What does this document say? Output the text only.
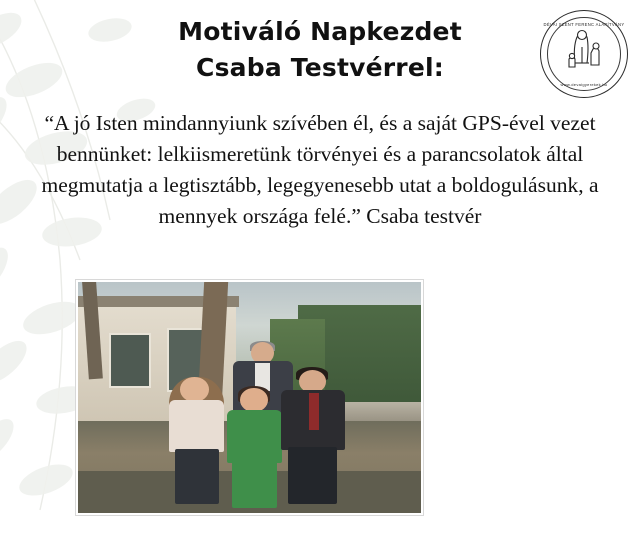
DÉVAI SZENT FERENC ALAPÍTVÁNY
www.devaigyerekek.hu
Motiváló Napkezdet
Csaba Testvérrel:
“A jó Isten mindannyiunk szívében él, és a saját GPS-ével vezet bennünket: lelkiismeretünk törvényei és a parancsolatok által megmutatja a legtisztább, legegyenesebb utat a boldogulásunk, a mennyek országa felé.” Csaba testvér
